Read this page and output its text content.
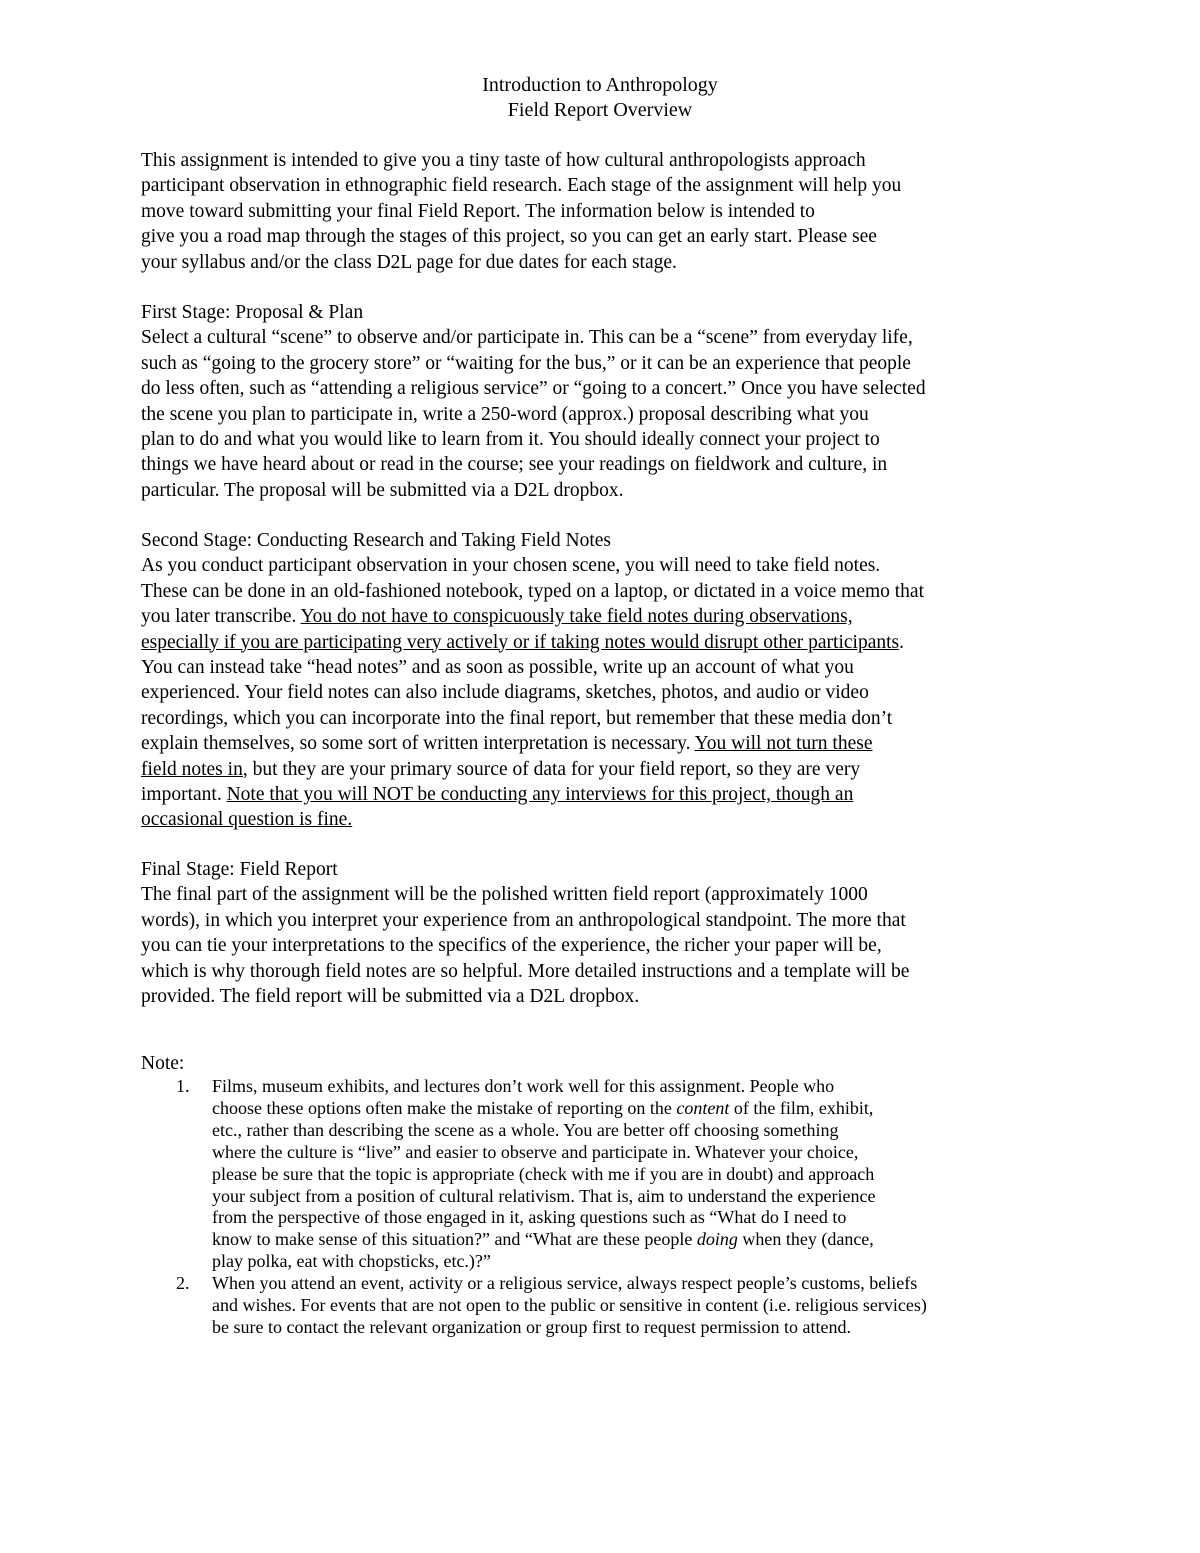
Introduction to Anthropology
Field Report Overview
This assignment is intended to give you a tiny taste of how cultural anthropologists approach
participant observation in ethnographic field research. Each stage of the assignment will help you
move toward submitting your final Field Report. The information below is intended to
give you a road map through the stages of this project, so you can get an early start. Please see
your syllabus and/or the class D2L page for due dates for each stage.
First Stage: Proposal & Plan
Select a cultural “scene” to observe and/or participate in. This can be a “scene” from everyday life,
such as “going to the grocery store” or “waiting for the bus,” or it can be an experience that people
do less often, such as “attending a religious service” or “going to a concert.” Once you have selected
the scene you plan to participate in, write a 250-word (approx.) proposal describing what you
plan to do and what you would like to learn from it. You should ideally connect your project to
things we have heard about or read in the course; see your readings on fieldwork and culture, in
particular. The proposal will be submitted via a D2L dropbox.
Second Stage: Conducting Research and Taking Field Notes
As you conduct participant observation in your chosen scene, you will need to take field notes.
These can be done in an old-fashioned notebook, typed on a laptop, or dictated in a voice memo that
you later transcribe. You do not have to conspicuously take field notes during observations,
especially if you are participating very actively or if taking notes would disrupt other participants.
You can instead take “head notes” and as soon as possible, write up an account of what you
experienced. Your field notes can also include diagrams, sketches, photos, and audio or video
recordings, which you can incorporate into the final report, but remember that these media don’t
explain themselves, so some sort of written interpretation is necessary. You will not turn these
field notes in, but they are your primary source of data for your field report, so they are very
important. Note that you will NOT be conducting any interviews for this project, though an
occasional question is fine.
Final Stage: Field Report
The final part of the assignment will be the polished written field report (approximately 1000
words), in which you interpret your experience from an anthropological standpoint. The more that
you can tie your interpretations to the specifics of the experience, the richer your paper will be,
which is why thorough field notes are so helpful. More detailed instructions and a template will be
provided. The field report will be submitted via a D2L dropbox.
Note:
1. Films, museum exhibits, and lectures don’t work well for this assignment. People who
choose these options often make the mistake of reporting on the content of the film, exhibit,
etc., rather than describing the scene as a whole. You are better off choosing something
where the culture is “live” and easier to observe and participate in. Whatever your choice,
please be sure that the topic is appropriate (check with me if you are in doubt) and approach
your subject from a position of cultural relativism. That is, aim to understand the experience
from the perspective of those engaged in it, asking questions such as “What do I need to
know to make sense of this situation?” and “What are these people doing when they (dance,
play polka, eat with chopsticks, etc.)?”
2. When you attend an event, activity or a religious service, always respect people’s customs, beliefs
and wishes. For events that are not open to the public or sensitive in content (i.e. religious services)
be sure to contact the relevant organization or group first to request permission to attend.
